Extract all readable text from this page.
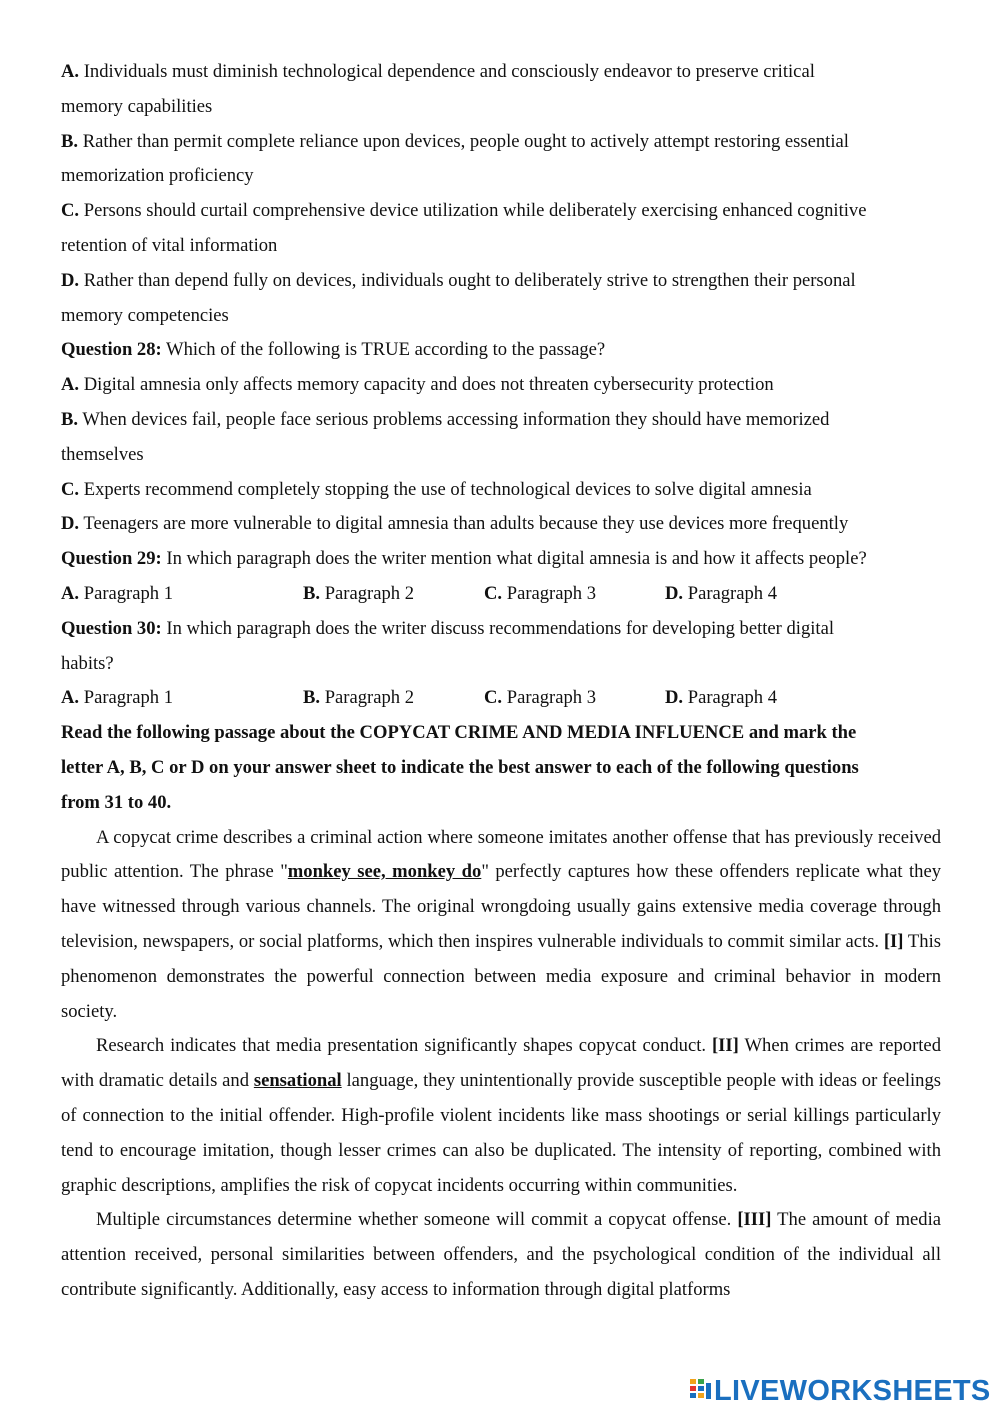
A. Individuals must diminish technological dependence and consciously endeavor to preserve critical
memory capabilities
B. Rather than permit complete reliance upon devices, people ought to actively attempt restoring essential
memorization proficiency
C. Persons should curtail comprehensive device utilization while deliberately exercising enhanced cognitive
retention of vital information
D. Rather than depend fully on devices, individuals ought to deliberately strive to strengthen their personal
memory competencies
Question 28: Which of the following is TRUE according to the passage?
A. Digital amnesia only affects memory capacity and does not threaten cybersecurity protection
B. When devices fail, people face serious problems accessing information they should have memorized
themselves
C. Experts recommend completely stopping the use of technological devices to solve digital amnesia
D. Teenagers are more vulnerable to digital amnesia than adults because they use devices more frequently
Question 29: In which paragraph does the writer mention what digital amnesia is and how it affects people?
A. Paragraph 1	B. Paragraph 2	C. Paragraph 3	D. Paragraph 4
Question 30: In which paragraph does the writer discuss recommendations for developing better digital
habits?
A. Paragraph 1	B. Paragraph 2	C. Paragraph 3	D. Paragraph 4
Read the following passage about the COPYCAT CRIME AND MEDIA INFLUENCE and mark the
letter A, B, C or D on your answer sheet to indicate the best answer to each of the following questions
from 31 to 40.

A copycat crime describes a criminal action where someone imitates another offense that has previously received public attention. The phrase "monkey see, monkey do" perfectly captures how these offenders replicate what they have witnessed through various channels. The original wrongdoing usually gains extensive media coverage through television, newspapers, or social platforms, which then inspires vulnerable individuals to commit similar acts. [I] This phenomenon demonstrates the powerful connection between media exposure and criminal behavior in modern society.

Research indicates that media presentation significantly shapes copycat conduct. [II] When crimes are reported with dramatic details and sensational language, they unintentionally provide susceptible people with ideas or feelings of connection to the initial offender. High-profile violent incidents like mass shootings or serial killings particularly tend to encourage imitation, though lesser crimes can also be duplicated. The intensity of reporting, combined with graphic descriptions, amplifies the risk of copycat incidents occurring within communities.

Multiple circumstances determine whether someone will commit a copycat offense. [III] The amount of media attention received, personal similarities between offenders, and the psychological condition of the individual all contribute significantly. Additionally, easy access to information through digital platforms

LIVEWORKSHEETS
